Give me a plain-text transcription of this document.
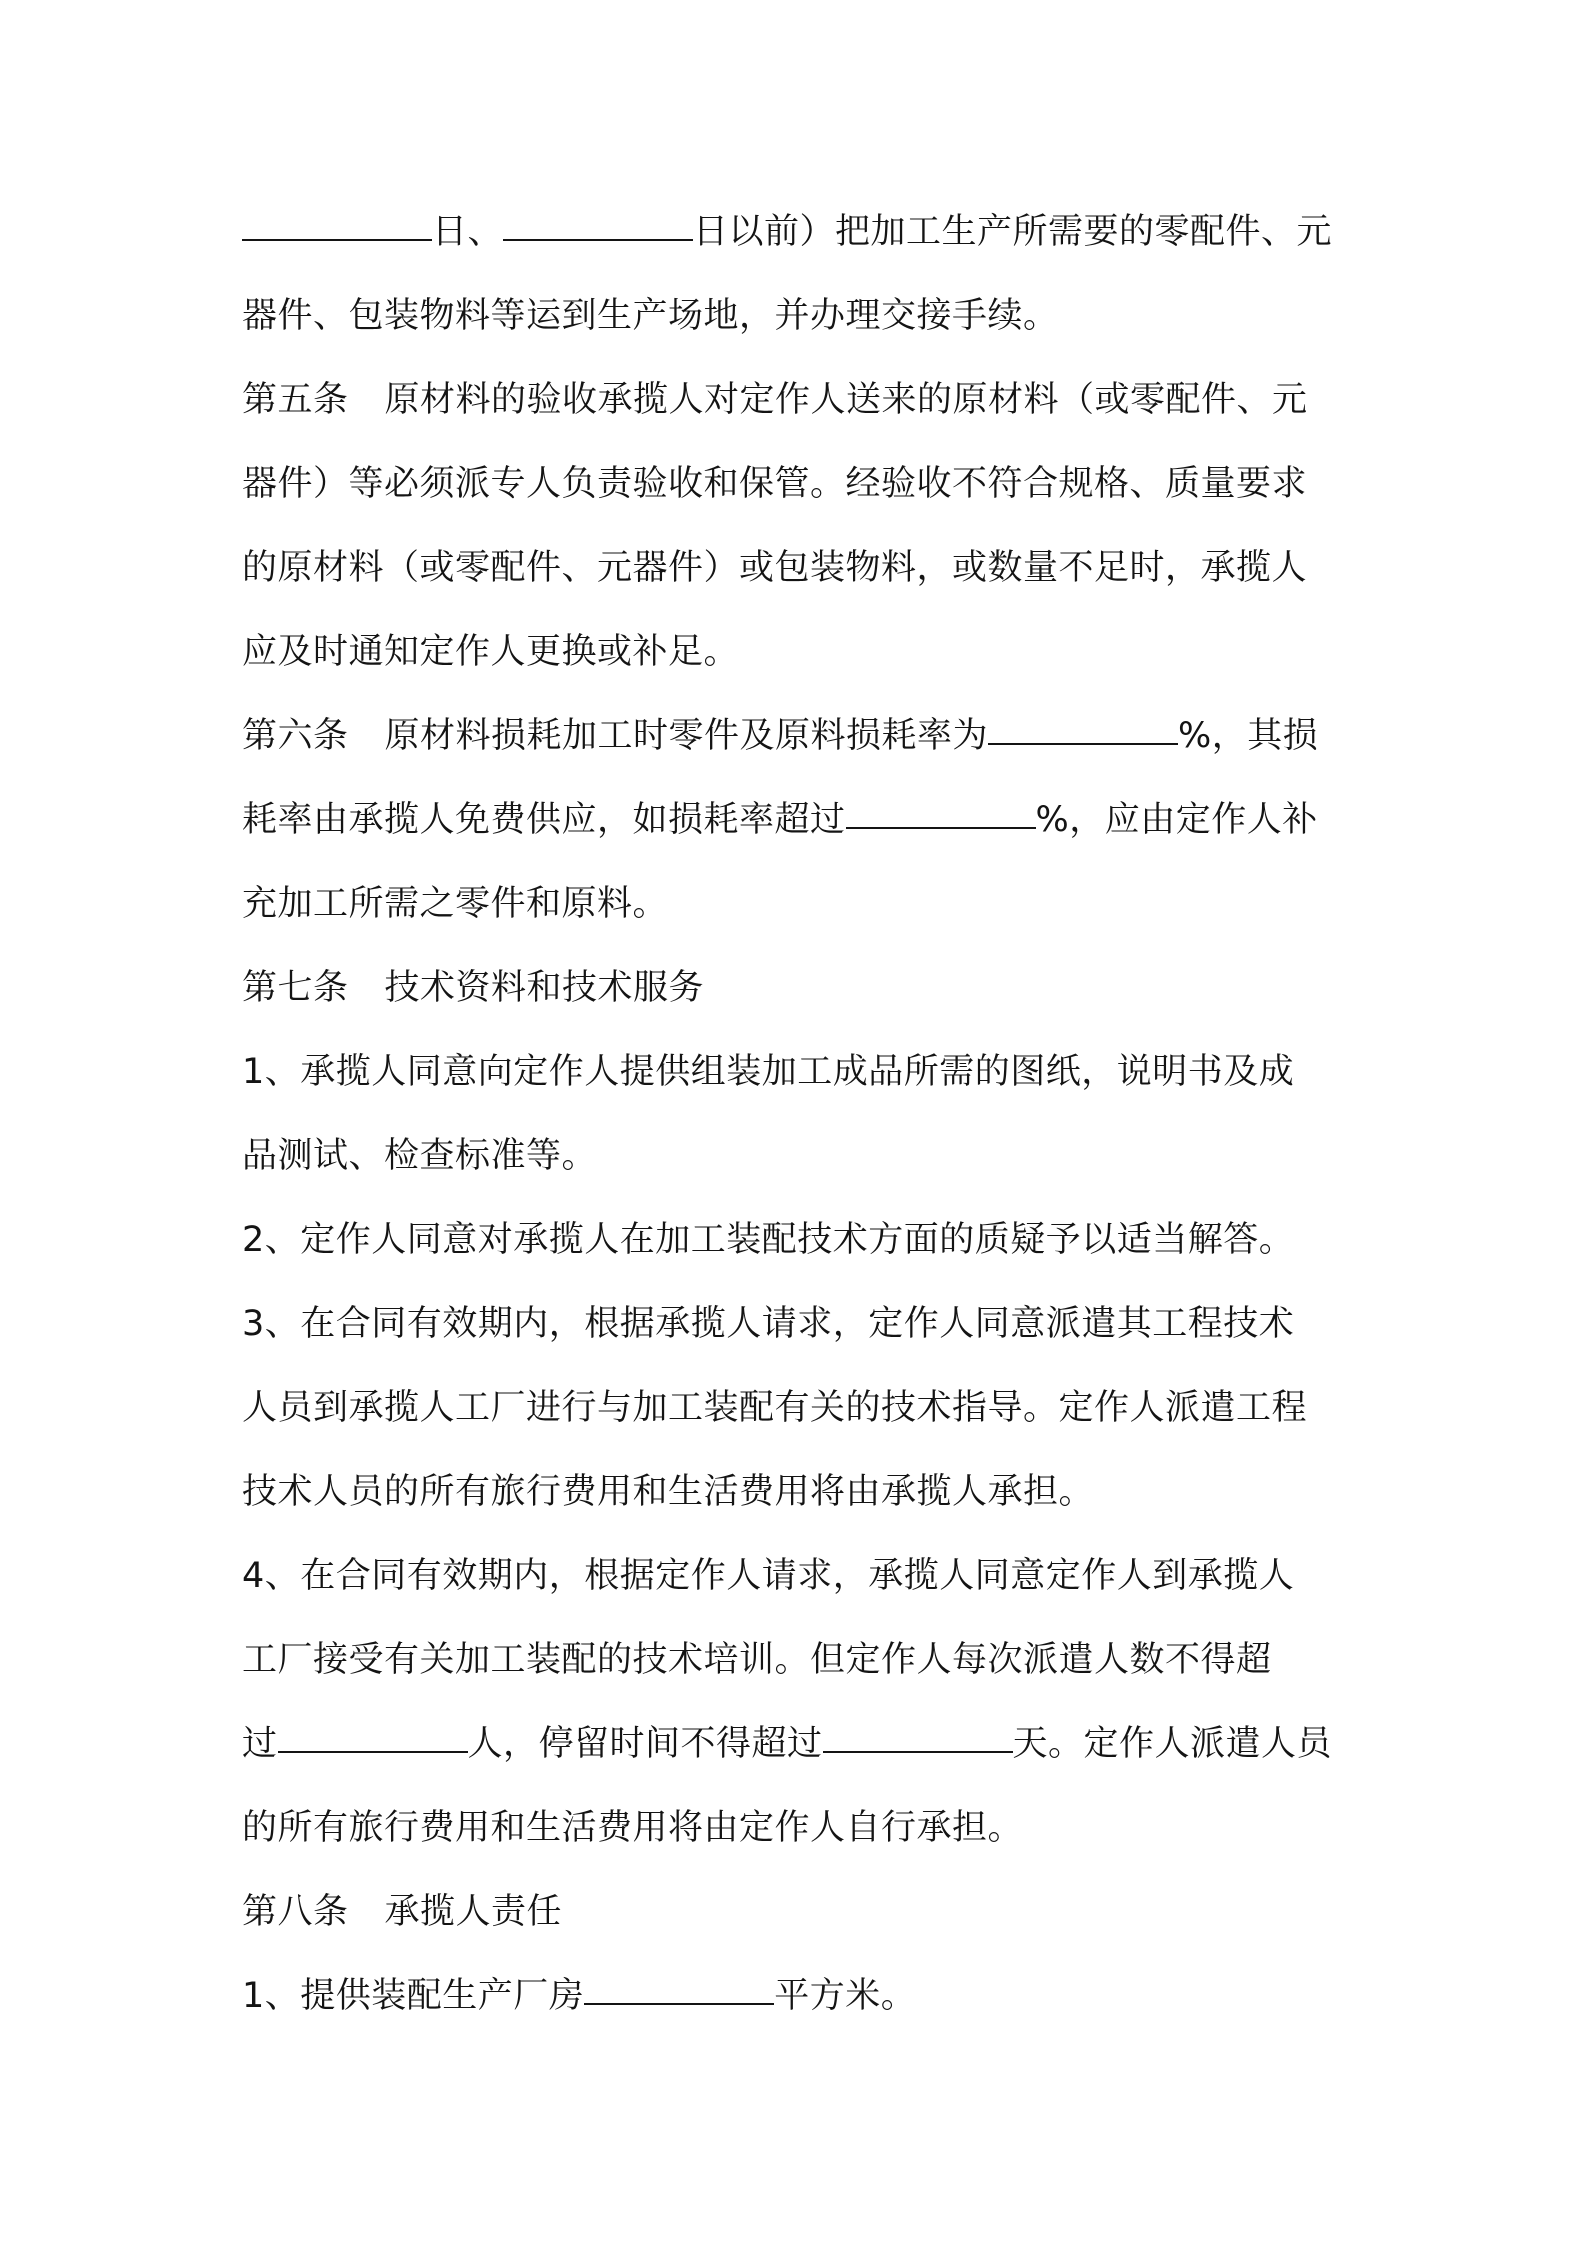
日、	日以前）把加工生产所需要的零配件、元
器件、包装物料等运到生产场地，并办理交接手续。
第五条 原材料的验收承揽人对定作人送来的原材料（或零配件、元
器件）等必须派专人负责验收和保管。经验收不符合规格、质量要求
的原材料（或零配件、元器件）或包装物料，或数量不足时，承揽人
应及时通知定作人更换或补足。
第六条 原材料损耗加工时零件及原料损耗率为	%，其损
耗率由承揽人免费供应，如损耗率超过	%，应由定作人补
充加工所需之零件和原料。
第七条 技术资料和技术服务
1、承揽人同意向定作人提供组装加工成品所需的图纸，说明书及成
品测试、检查标准等。
2、定作人同意对承揽人在加工装配技术方面的质疑予以适当解答。
3、在合同有效期内，根据承揽人请求，定作人同意派遣其工程技术
人员到承揽人工厂进行与加工装配有关的技术指导。定作人派遣工程
技术人员的所有旅行费用和生活费用将由承揽人承担。
4、在合同有效期内，根据定作人请求，承揽人同意定作人到承揽人
工厂接受有关加工装配的技术培训。但定作人每次派遣人数不得超
过	人，停留时间不得超过	天。定作人派遣人员
的所有旅行费用和生活费用将由定作人自行承担。
第八条 承揽人责任
1、提供装配生产厂房	平方米。
